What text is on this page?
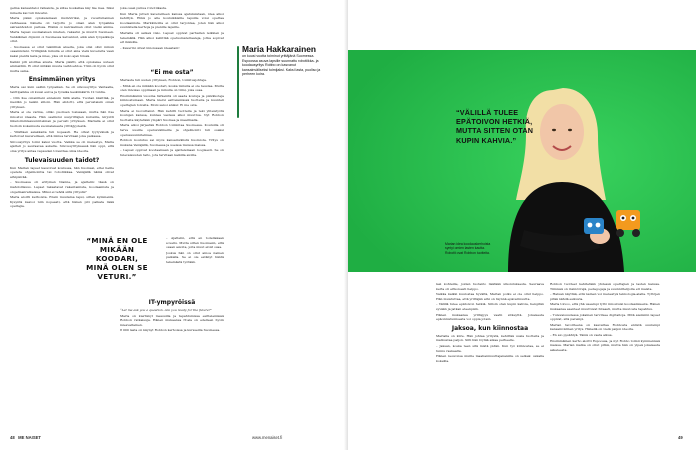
gelma kansantaloi raikaista, ja siitse koskellaa käy täe mes. Siksi mineita kai tuli innostui.

Maria pääsi opiskelemaan insinööriksi, ja vuosituhannen vaihteessa hänelle oli tarjottu jo oman alan työpaikka sairaanhoidon parissa. Eläinä oi kalvisalmen ollut vieläi ainina. Maria tapasi suomalaisen miehen, rakastui ja muutti Suomeen. Venäläinen diplomi oi Suomessa kelvannut, eikä alan työpaikkoja ollut.

– Suomessa ei ollut teknillisä alueita, joka olisi ollut minun osaamistani. Yrittäjänä minulla ei ollut aina vielä kuvereita vaan kaksi pientä lasta ja mies, joka oli koko ajan töissä.

Kaikki piti aloittaa alusta. Maria päätti, että opiskelee uuteen ammattiin. Ei ollut mitään muuta vaihtoehtoa. Töiin oli hyvin ollut mutta sama.

Ensimmäinen yritys

Maria sai kuin saihin työpaikan. Se oli siivousyritys Vantaalla, tanttipaikka oli kuusi euroa ja työaika keskimäärin 12 tuntia.

– Olin ilse omanilleni ennekuin tällä alalla. Tuohan käsittää, ja meidän jo laskin silloin. Hän ehdotti, että perustaisin oman yrityksen.

Maria ei ole varma, olliko puolisen tosissaan, mutta hän itse innostui ideasta. Hän osallistui uusyrittäjien kurssille, kirjoitti liiketoimintasuunnitelman ja perusti yrityksen. Marialla ei ollut tuolloin kokemusta suomalaisesta yrittäjyydestä.

– Yllättäen asiakkaita tuli nopeasti. He olivat tyytyväisiä ja kertoivat kavereilleen, että minua tarvitaan joka paikassa.

Siivousyritys toimi kaksi vuotta. Vaikka se oli menestys, Maria ajatteli jo seuraavaa askelta. Siivousyrityksessä hän oppi, että oma yritys antaa vapauden toteuttaa omia ideoita.

Tulevaisuuden taidot?

Kun Marian lapset kasvoivat koulussa, hän huomasi, ettei heille opeteta ohjelmointia tai robotiikkaa. Venäjällä nämä olivat arkipäivää.

– Suomessa oli erityinen tilanne, ja ajattelin: tässä on mahdollisuus. Lapset rakastavat rakentamista, koodaamista ja ongelmanratkaisua. Miksi ei tehdä siitä yritystä?

Maria aloitti kerhoista. Ensin muutama lapsi, sitten kymmeniä. Kysyntä kasvoi niin nopeasti, että hänen piti palkata lisää opettajia.

joka osasi puhua robotiikasta.

Kun Maria jutteli kavereilleen kanssa ajatuksistaan, idea alkoi kehittyä. Ehkä jo alle kouluikäisille lapsille voisi opettaa koodaamista. Markkinoilla ei ollut tarjontaa, joten hän alkoi suunnitella kerhoja ja pienille lapsille.

Marialla oli selkeä visio. Lapset oppivat parhaiten leikkien ja tekemällä. Hän alkoi kehittää opetusmateriaaleja, jotka sopivat eri ikäisille.

– Kaverini olivat innoissaan ideastani!

“Ei me osta”

Mariasta tuli uuden yrityksen, Robbon, toimitusjohtaja.

– Minä en ole mikään koodari, koska minulla ei ole taustaa. Mutta olen innokas oppimaan ja minulla on tiimi, joka osaa.

Ensimmäisinä vuosina tärkeintä oli saada kouluja ja päiväkoteja kiinnostumaan. Maria kiersi esittelemässä tuotteita ja kuunteli opettajien toiveita. Moni sanoi aluksi: Ei me osta.

Maria ei luovuttanut. Hän kehitti tuotteita ja teki yhteistyötä koulujen kanssa, kunnes vastaus alkoi muuttua. Nyt Robbon tuotteita käytetään ympäri Suomea ja maailmalla.

Maria alkoi järjestää Robbon toimintaa Suomessa. Kouluilla oli tarve uusille opetusvälineille ja ohjelmointi tuli osaksi opetussuunnitelmaa.

Robbon koulutus sai myös kansainvälistä huomiota. Yritys on mukana Venäjällä, Suomessa ja useissa muissa maissa.

– Lapset oppivat koodaamaan ja ajattelemaan loogisesti. Se on tulevaisuuden taito, jota tarvitaan kaikilla aloilla.

“MINÄ EN OLE MIKÄÄN KOODARI, MINÄ OLEN SE VETURI.”

– Ajattelin, että en todellakaan sovellu. Mutta sitten huomasin, että osaan asioita, joita muut eivät osaa.

Joskus hän on ollut ainoa nainen paikalla. Se ei ole estänyt häntä tekemästä työtään.

IT-ympyröissä

“Let me ask you a question. Are you ready for the future?”

Maria on kiertänyt messuilla ja tapahtumissa esittelemässä Robbon ratkaisuja. Hänen mukaansa IT-ala on edelleen hyvin miesvaltainen.

8 000 lasta on käynyt Robbon kerhoissa ja kursseilla Suomessa.

Maria Hakkarainen
on kuusi vuotta toiminut yrittäjänä Suomessa. Espoossa asuva lapsille suunnattu robotiikka- ja koodausyritys Robbo on kasvanut kansainväliseksi toimijaksi. Kaksi lasta, puoliso ja perheen koira.
48 ME NAISET	www.menaiset.fi

lasi kohteille, joiden tuotanto lisätään ulkoistuksesta. Seuraava kerta oli erikoisesti helppo.

Vaikka kaikki kuulostaa hyvältä, Marian polku ei ole ollut helppo. Hän muistuttaa, että yrittäjän arki on täynnä epävarmuutta.

– Välillä tulee epätoivon hetkiä. Silloin otan kupin kahvia, hengitän syvään ja jatkan eteenpäin.

Hänen mukaansa yrittäjyys vaatii sitkeyttä. Jokaisesta epäonnistumisesta voi oppia jotain.

Jaksoa, kun kiinnostaa

Marialla on kiire. Hän johtaa yritystä, kehittää uusia tuotteita ja matkustaa paljon. Silti hän löytää aikaa perheelle.

– Jaksan, koska teen sitä mistä pidän. Kun työ kiinnostaa, se ei tunnu raskaalta.

Hänen neuvonsa muille maahanmuuttajanaisille on selkeä: uskalla kokeilla.

Robbon tuotteet kehitetään yhdessä opettajien ja lasten kanssa. Tiimissä on insinöörejä, pedagogeja ja suunnittelijoita eri maista.

– Haluan näyttää, että nainen voi menestyä teknologia-alalla. Tyttöjen pitää nähdä esikuvia.

Maria toivoo, että yhä useampi tyttö innostuisi koodaamisesta. Hänen mukaansa asenteet muuttuvat hitaasti, mutta muutosta tapahtuu.

– Tulevaisuudessa jokainen tarvitsee digitaitoja. Mitä aiemmin lapset oppivat, sitä parempi.

Marian tavoitteena on kasvattaa Robbosta entistä suurempi kansainvälinen yritys. Hänellä on vielä paljon ideoita.

– En aio pysähtyä. Tämä on vasta alkua.

Ensimmäinen kerho aloitti Espoossa, ja nyt Robbo toimii kymmenissä maissa. Marian matka on ollut pitkä, mutta hän on ylpeä jokaisesta askeleesta.

49
“VÄLILLÄ TULEE
EPÄTOIVON HETKIÄ,
MUTTA SITTEN OTAN
KUPIN KAHVIA.”
Marian idea koodauskerhoista syntyi omien lasten kautta. Robotit ovat Robbon tuotteita.
